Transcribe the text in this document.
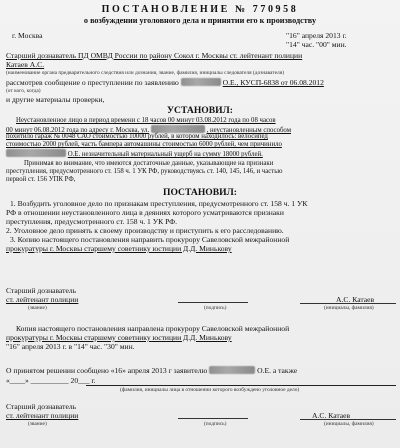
ПОСТАНОВЛЕНИЕ № 770958
о возбуждении уголовного дела и принятии его к производству
г. Москва	"16" апреля 2013 г.
"14" час. "00" мин.
Старший дознаватель ПД ОМВД России по району Сокол г. Москвы ст. лейтенант полиции
Катаев А.С.
(наименование органа предварительного следствия или дознания, звание, фамилия, инициалы следователя (дознавателя)
рассмотрев сообщение о преступлении по заявлению	О.Е., КУСП-6838 от 06.08.2012
(от кого, когда)
и другие материалы проверки,
УСТАНОВИЛ:
Неустановленное лицо в период времени с 18 часов 00 минут 03.08.2012 года по 08 часов
00 минут 06.08.2012 года по адресу г. Москва, ул.	, неустановленным способом
похитило гараж № 0048 САО стоимостью 10000 рублей, в котором находилось: велосипед
стоимостью 2000 рублей, часть бампера автомашины стоимостью 6000 рублей, чем причинило
О.Е. незначительный материальный ущерб на сумму 18000 рублей.
Принимая во внимание, что имеются достаточные данные, указывающие на признаки
преступления, предусмотренного ст. 158 ч. 1 УК РФ, руководствуясь ст. 140, 145, 146, и частью
первой ст. 156 УПК РФ,
ПОСТАНОВИЛ:
1. Возбудить уголовное дело по признакам преступления, предусмотренного ст. 158 ч. 1 УК
РФ в отношении неустановленного лица в деяниях которого усматриваются признаки
преступления, предусмотренного ст. 158 ч. 1 УК РФ.
2. Уголовное дело принять к своему производству и приступить к его расследованию.
3. Копию настоящего постановления направить прокурору Савеловской межрайонной
прокуратуры г. Москвы старшему советнику юстиции Д.Д. Минькову
Старший дознаватель
ст. лейтенант полиции
(звание)	(подпись)
А.С. Катаев
(инициалы, фамилия)
Копия настоящего постановления направлена прокурору Савеловской межрайонной
прокуратуры г. Москвы старшему советнику юстиции Д.Д. Минькову
"16" апреля 2013 г. в "14" час. "30" мин.
О принятом решении сообщено «16» апреля 2013 г заявителю	О.Е. а также
«____» __________ 20___ г.
(фамилия, инициалы лица в отношении которого возбуждено уголовное дело)
Старший дознаватель
ст. лейтенант полиции
(звание)	(подпись)
А.С. Катаев
(инициалы, фамилия)
